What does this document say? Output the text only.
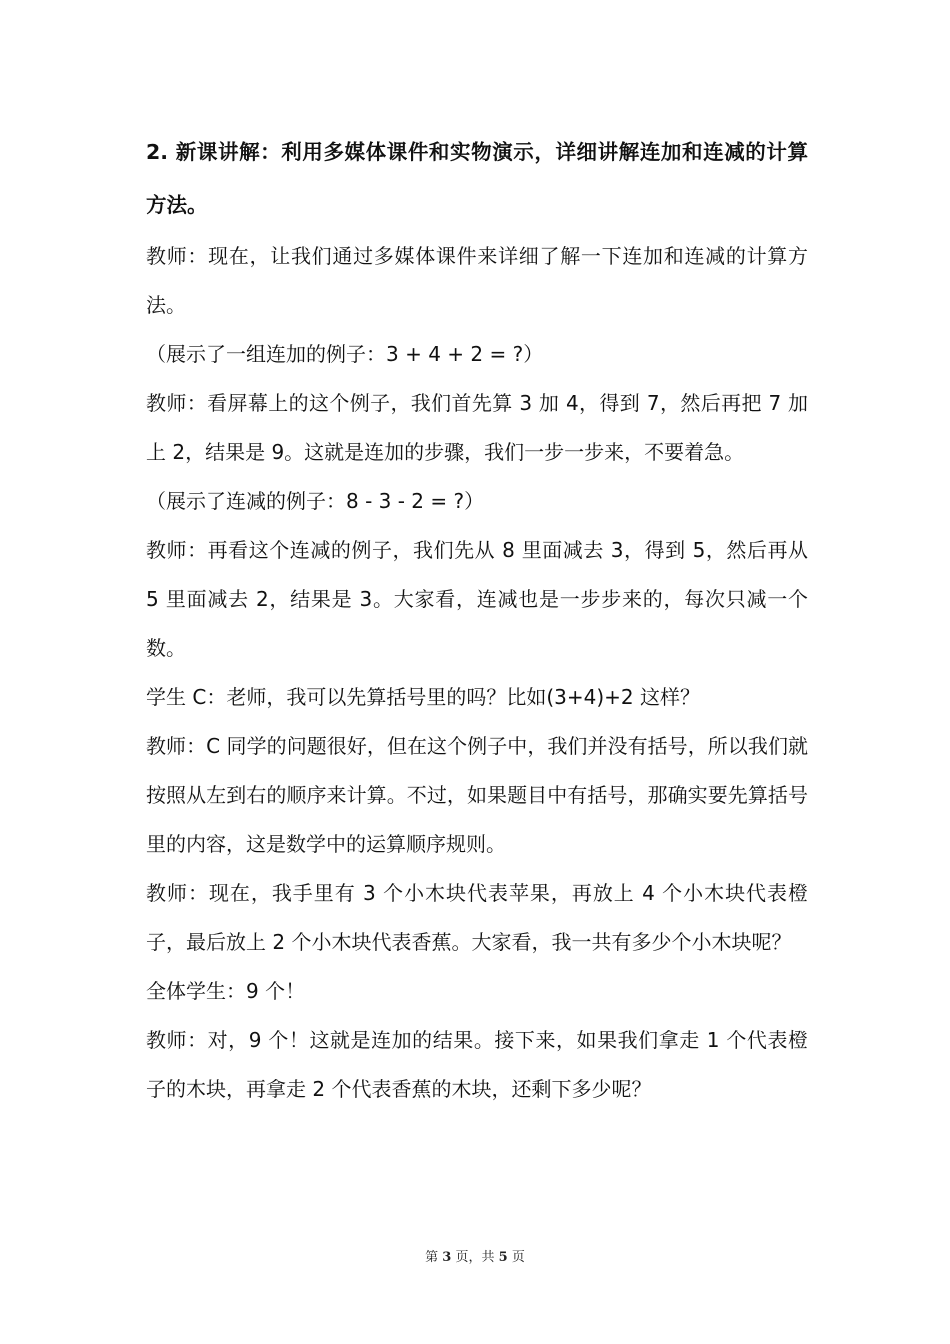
2. 新课讲解：利用多媒体课件和实物演示，详细讲解连加和连减的计算方法。

教师：现在，让我们通过多媒体课件来详细了解一下连加和连减的计算方法。

（展示了一组连加的例子：3 + 4 + 2 = ?）

教师：看屏幕上的这个例子，我们首先算 3 加 4，得到 7，然后再把 7 加上 2，结果是 9。这就是连加的步骤，我们一步一步来，不要着急。

（展示了连减的例子：8 - 3 - 2 = ?）

教师：再看这个连减的例子，我们先从 8 里面减去 3，得到 5，然后再从 5 里面减去 2，结果是 3。大家看，连减也是一步步来的，每次只减一个数。

学生 C：老师，我可以先算括号里的吗？比如(3+4)+2 这样？

教师：C 同学的问题很好，但在这个例子中，我们并没有括号，所以我们就按照从左到右的顺序来计算。不过，如果题目中有括号，那确实要先算括号里的内容，这是数学中的运算顺序规则。

教师：现在，我手里有 3 个小木块代表苹果，再放上 4 个小木块代表橙子，最后放上 2 个小木块代表香蕉。大家看，我一共有多少个小木块呢？

全体学生：9 个！

教师：对，9 个！这就是连加的结果。接下来，如果我们拿走 1 个代表橙子的木块，再拿走 2 个代表香蕉的木块，还剩下多少呢？

第 3 页，共 5 页
